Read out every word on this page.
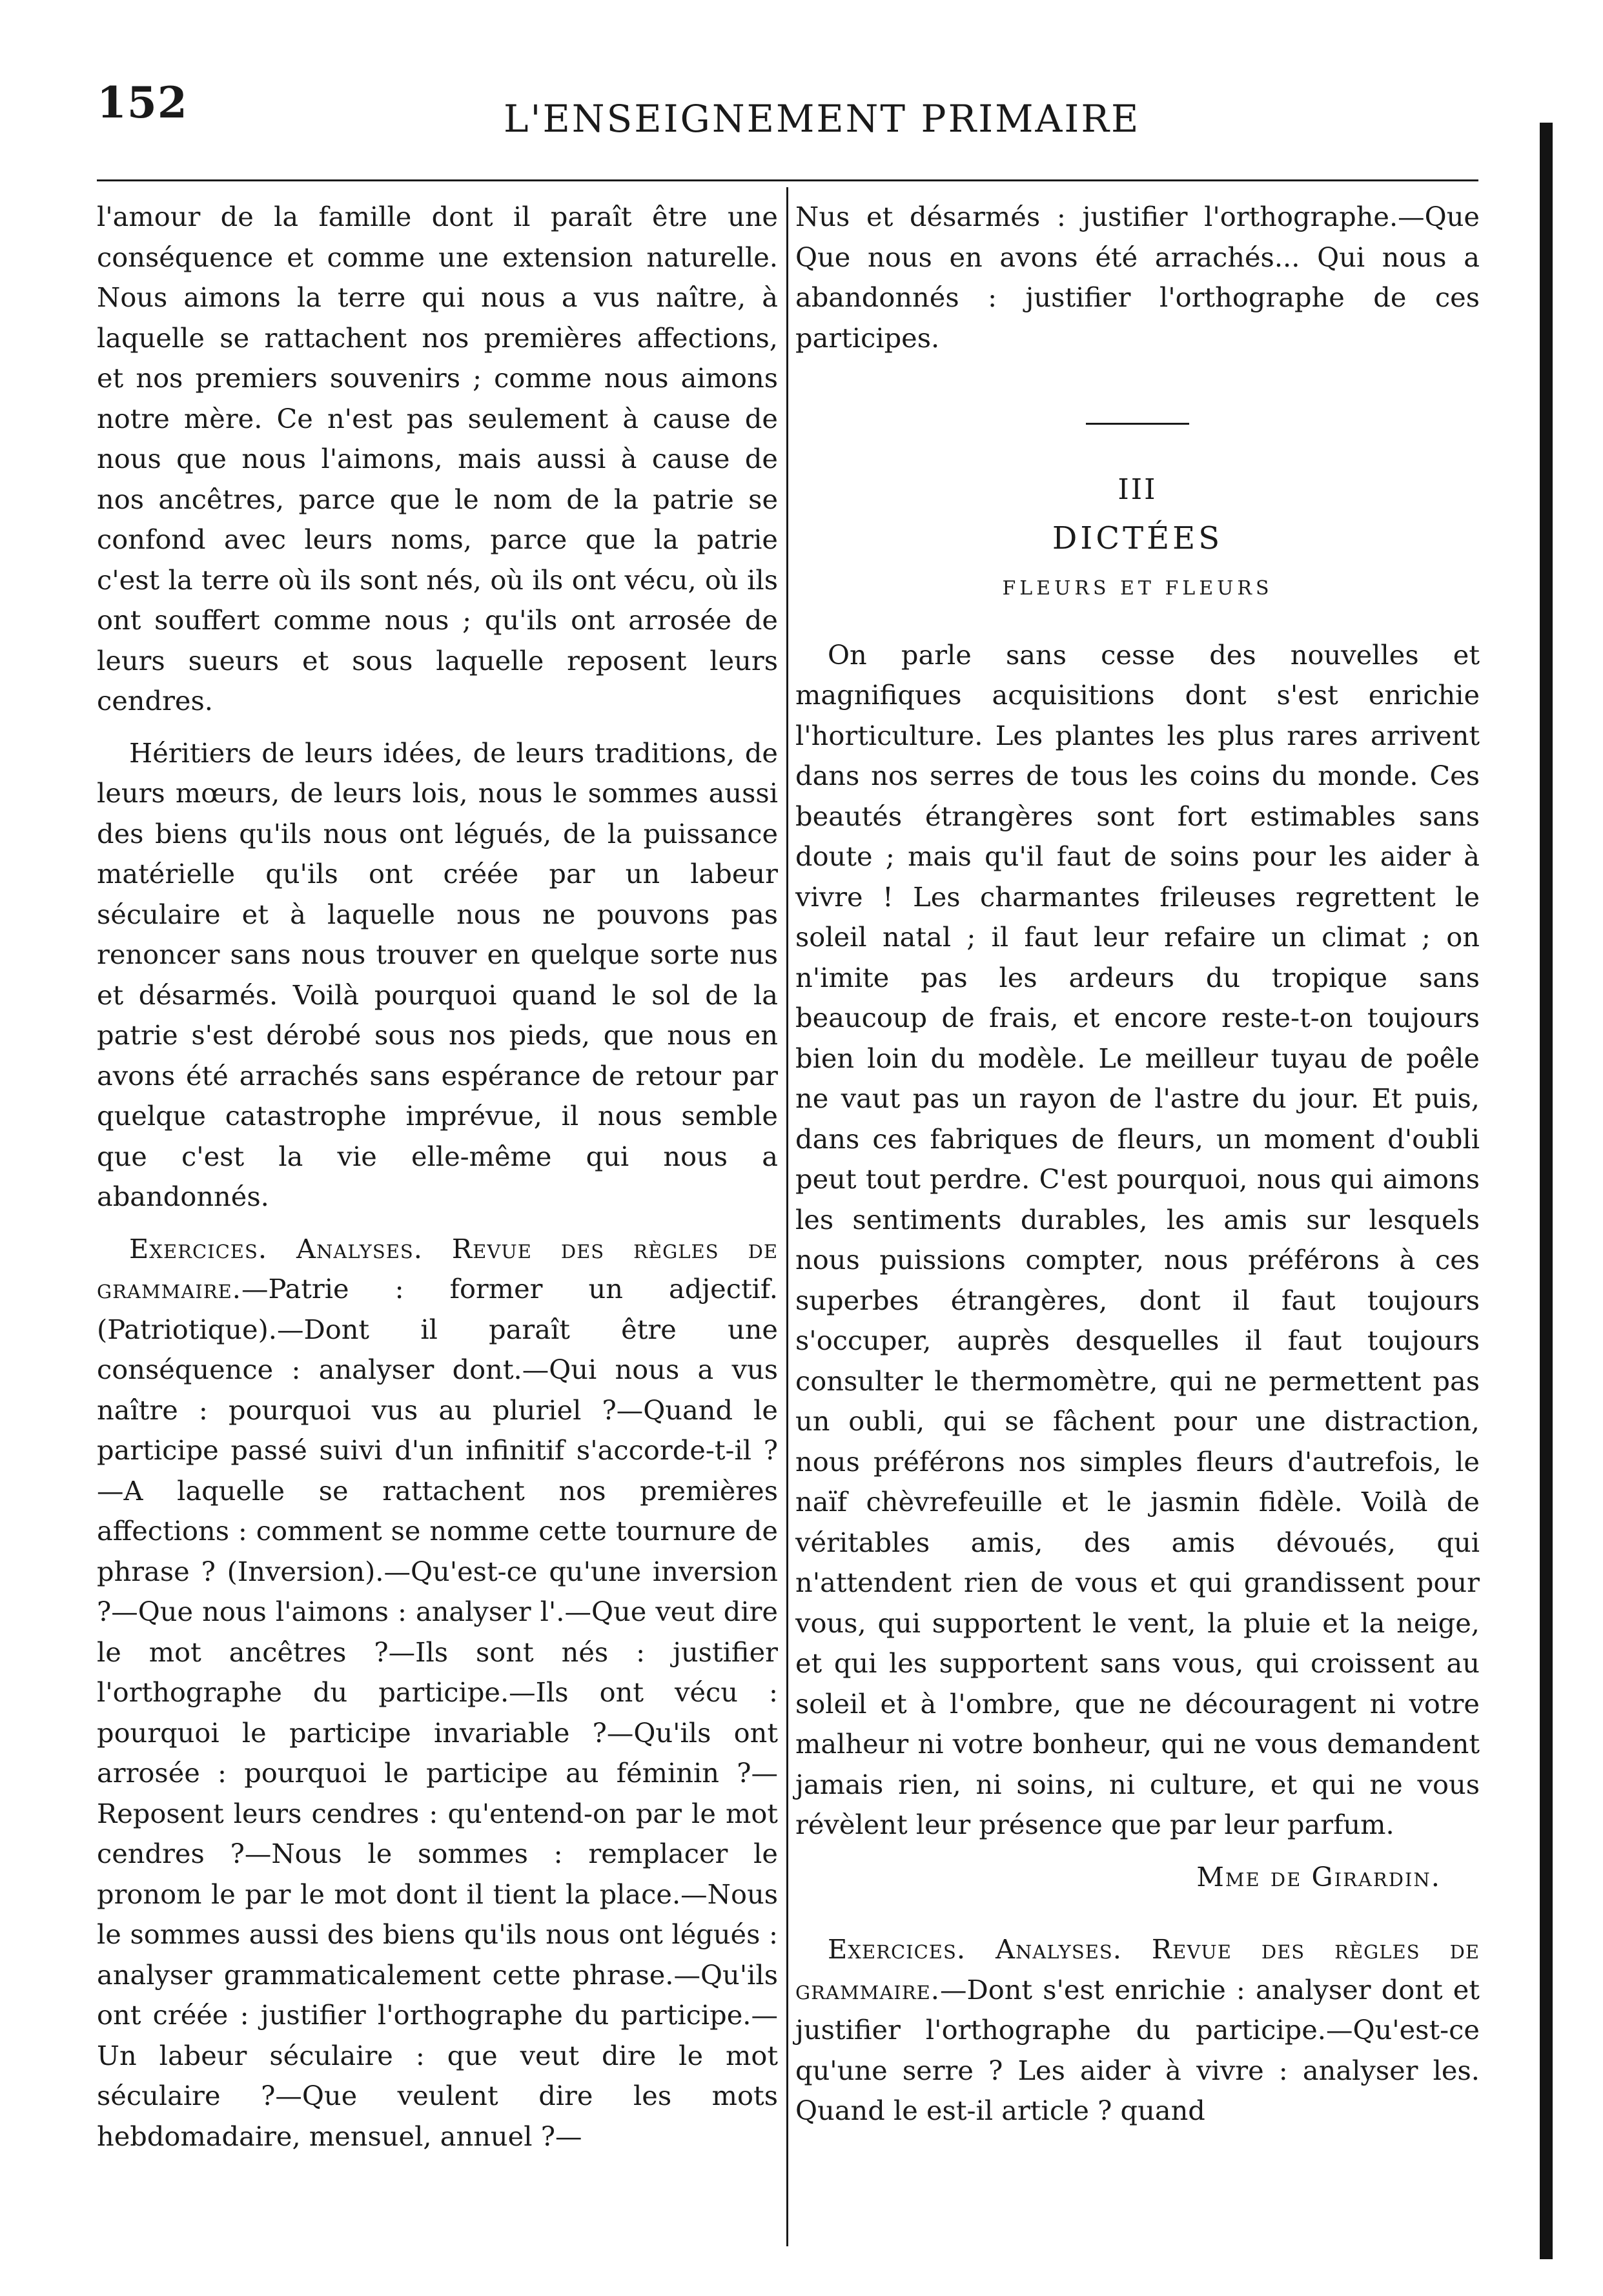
152	L'ENSEIGNEMENT PRIMAIRE

l'amour de la famille dont il paraît être une conséquence et comme une extension naturelle. Nous aimons la terre qui nous a vus naître, à laquelle se rattachent nos premières affections, et nos premiers souvenirs ; comme nous aimons notre mère. Ce n'est pas seulement à cause de nous que nous l'aimons, mais aussi à cause de nos ancêtres, parce que le nom de la patrie se confond avec leurs noms, parce que la patrie c'est la terre où ils sont nés, où ils ont vécu, où ils ont souffert comme nous ; qu'ils ont arrosée de leurs sueurs et sous laquelle reposent leurs cendres.

Héritiers de leurs idées, de leurs traditions, de leurs mœurs, de leurs lois, nous le sommes aussi des biens qu'ils nous ont légués, de la puissance matérielle qu'ils ont créée par un labeur séculaire et à laquelle nous ne pouvons pas renoncer sans nous trouver en quelque sorte nus et désarmés. Voilà pourquoi quand le sol de la patrie s'est dérobé sous nos pieds, que nous en avons été arrachés sans espérance de retour par quelque catastrophe imprévue, il nous semble que c'est la vie elle-même qui nous a abandonnés.

Exercices. Analyses. Revue des règles de grammaire.—Patrie : former un adjectif. (Patriotique).—Dont il paraît être une conséquence : analyser dont.—Qui nous a vus naître : pourquoi vus au pluriel ?—Quand le participe passé suivi d'un infinitif s'accorde-t-il ?—A laquelle se rattachent nos premières affections : comment se nomme cette tournure de phrase ? (Inversion).—Qu'est-ce qu'une inversion ?—Que nous l'aimons : analyser l'.—Que veut dire le mot ancêtres ?—Ils sont nés : justifier l'orthographe du participe.—Ils ont vécu : pourquoi le participe invariable ?—Qu'ils ont arrosée : pourquoi le participe au féminin ?—Reposent leurs cendres : qu'entend-on par le mot cendres ?—Nous le sommes : remplacer le pronom le par le mot dont il tient la place.—Nous le sommes aussi des biens qu'ils nous ont légués : analyser grammaticalement cette phrase.—Qu'ils ont créée : justifier l'orthographe du participe.—Un labeur séculaire : que veut dire le mot séculaire ?—Que veulent dire les mots hebdomadaire, mensuel, annuel ?—

Nus et désarmés : justifier l'orthographe.—Que Que nous en avons été arrachés... Qui nous a abandonnés : justifier l'orthographe de ces participes.

III
DICTÉES
FLEURS ET FLEURS

On parle sans cesse des nouvelles et magnifiques acquisitions dont s'est enrichie l'horticulture. Les plantes les plus rares arrivent dans nos serres de tous les coins du monde. Ces beautés étrangères sont fort estimables sans doute ; mais qu'il faut de soins pour les aider à vivre ! Les charmantes frileuses regrettent le soleil natal ; il faut leur refaire un climat ; on n'imite pas les ardeurs du tropique sans beaucoup de frais, et encore reste-t-on toujours bien loin du modèle. Le meilleur tuyau de poêle ne vaut pas un rayon de l'astre du jour. Et puis, dans ces fabriques de fleurs, un moment d'oubli peut tout perdre. C'est pourquoi, nous qui aimons les sentiments durables, les amis sur lesquels nous puissions compter, nous préférons à ces superbes étrangères, dont il faut toujours s'occuper, auprès desquelles il faut toujours consulter le thermomètre, qui ne permettent pas un oubli, qui se fâchent pour une distraction, nous préférons nos simples fleurs d'autrefois, le naïf chèvrefeuille et le jasmin fidèle. Voilà de véritables amis, des amis dévoués, qui n'attendent rien de vous et qui grandissent pour vous, qui supportent le vent, la pluie et la neige, et qui les supportent sans vous, qui croissent au soleil et à l'ombre, que ne découragent ni votre malheur ni votre bonheur, qui ne vous demandent jamais rien, ni soins, ni culture, et qui ne vous révèlent leur présence que par leur parfum.

Mme de Girardin.

Exercices. Analyses. Revue des règles de grammaire.—Dont s'est enrichie : analyser dont et justifier l'orthographe du participe.—Qu'est-ce qu'une serre ? Les aider à vivre : analyser les. Quand le est-il article ? quand
